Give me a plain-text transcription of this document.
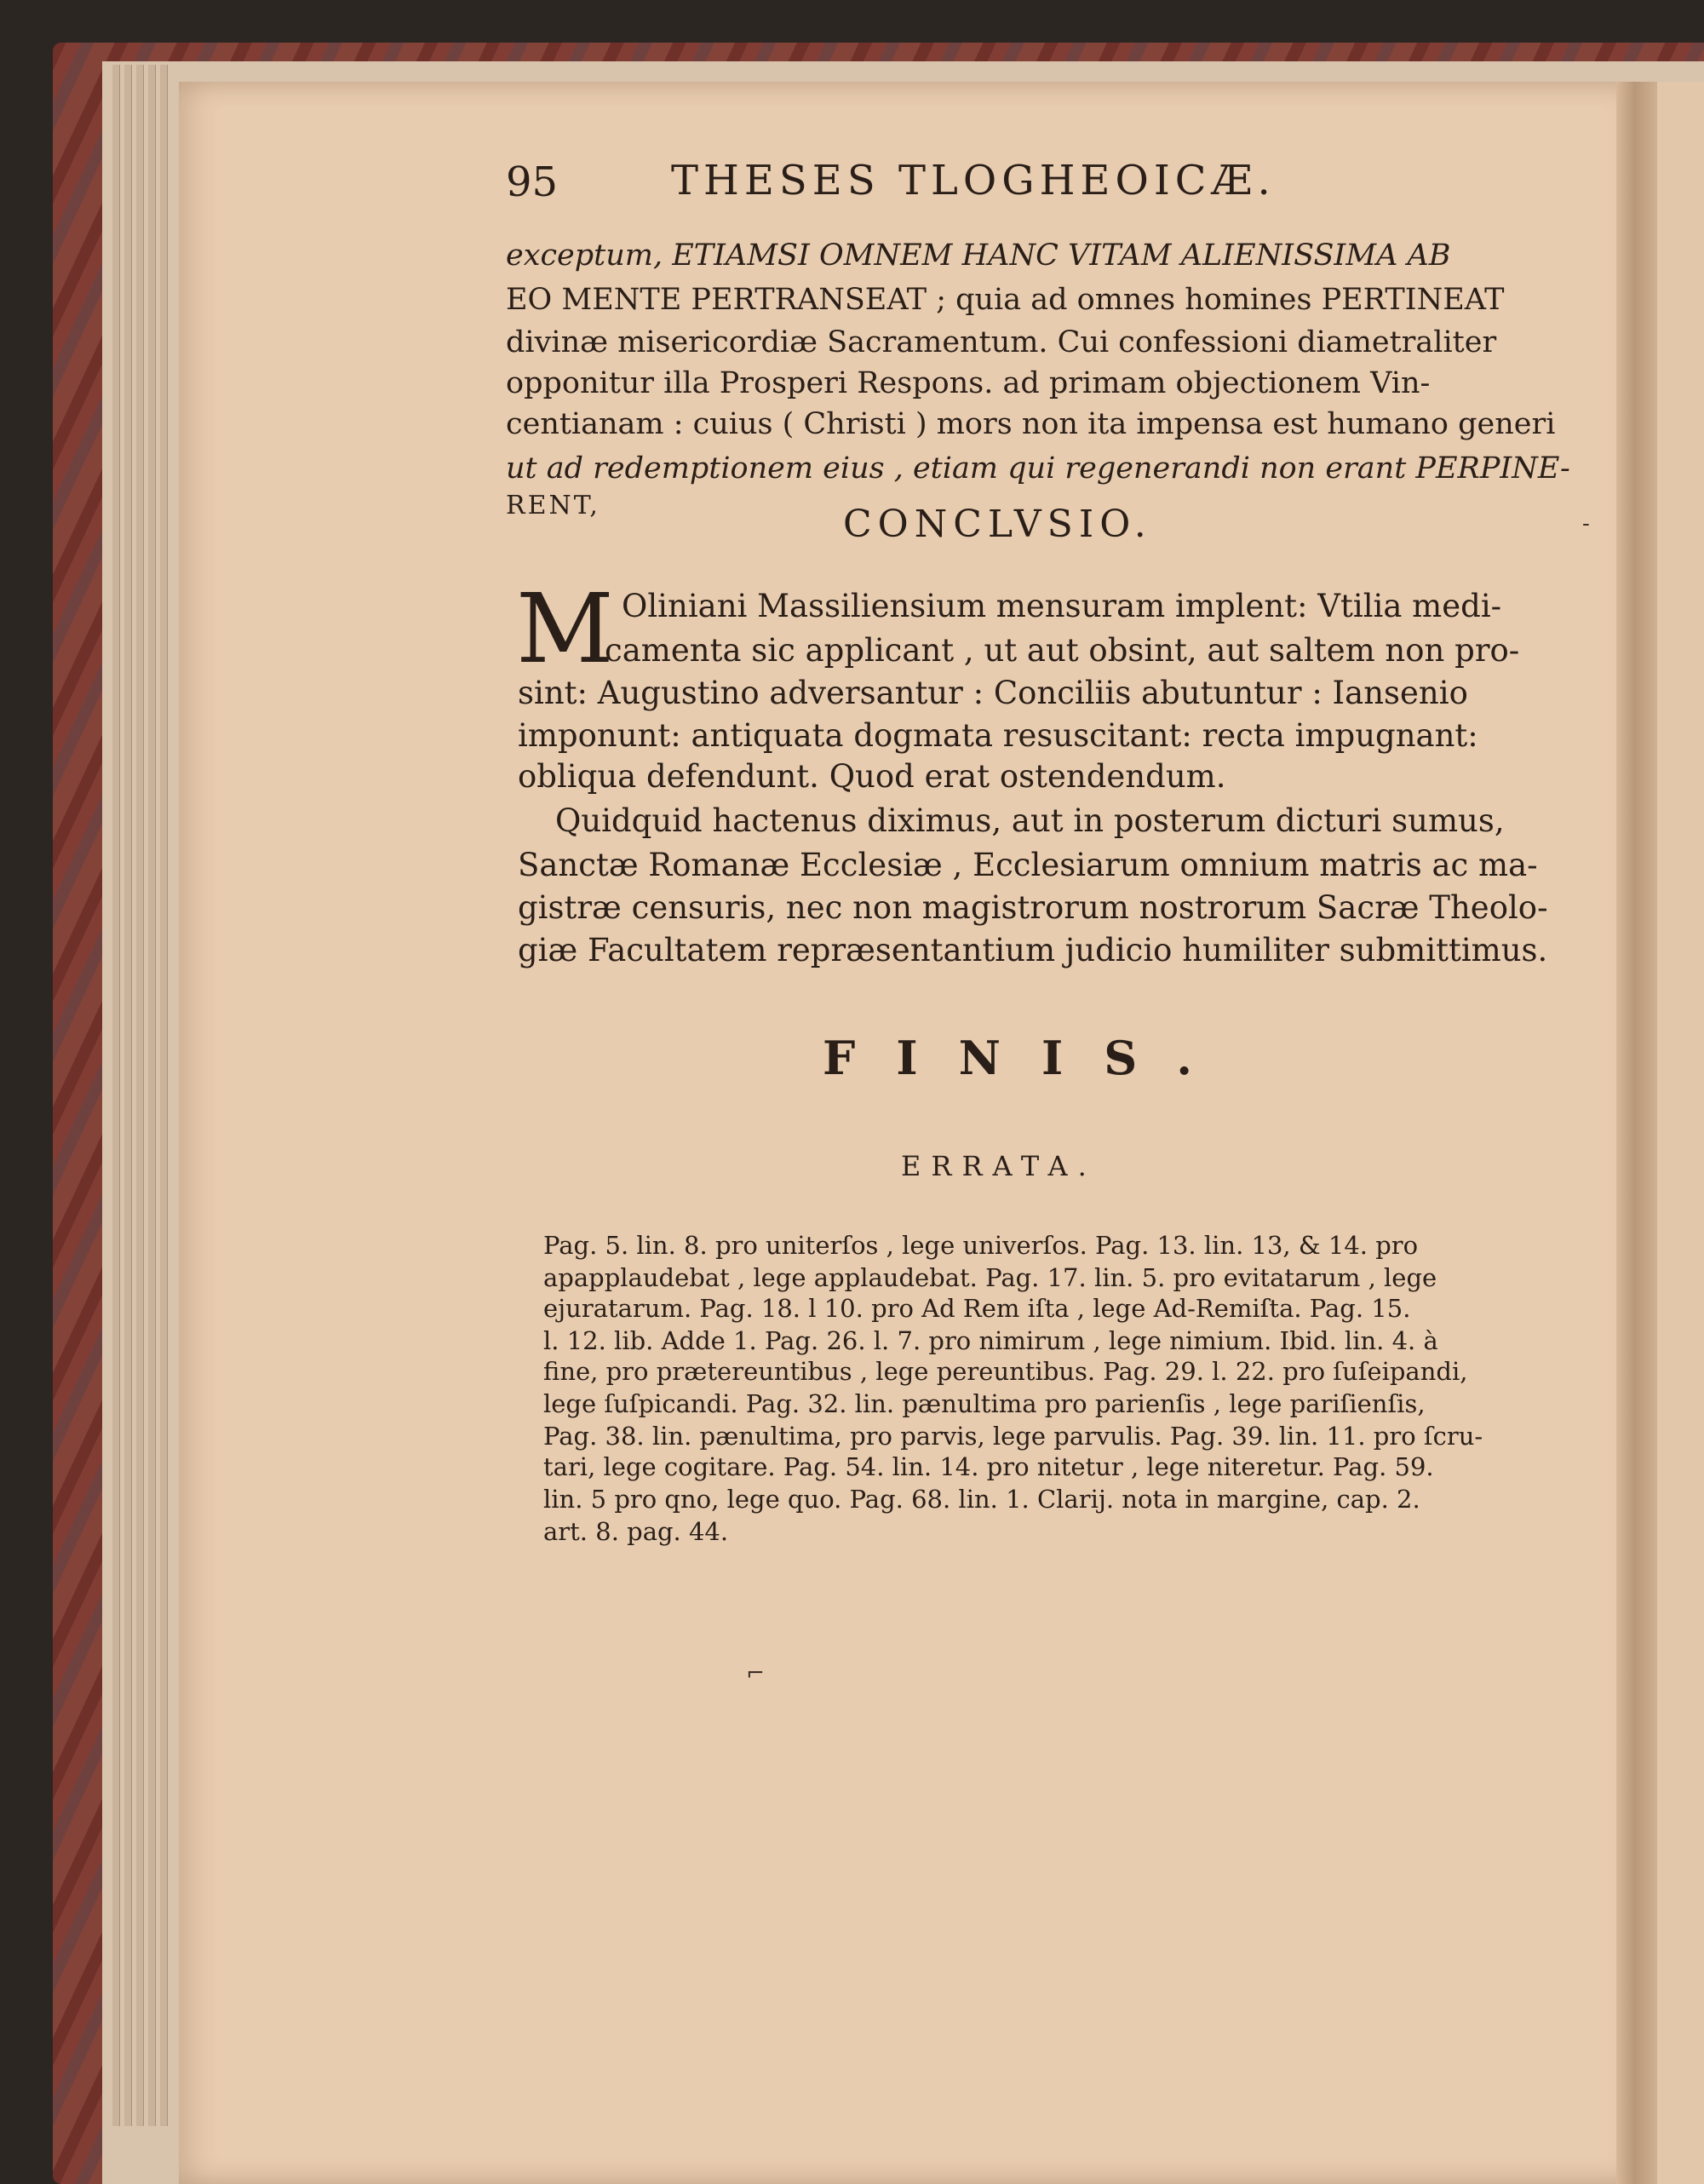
95	THESES TLOGHEOICÆ.

exceptum, ETIAMSI OMNEM HANC VITAM ALIENISSIMA AB

EO MENTE PERTRANSEAT ; quia ad omnes homines PERTINEAT

divinæ misericordiæ Sacramentum. Cui confessioni diametraliter

opponitur illa Prosperi Respons. ad primam objectionem Vin-

centianam : cuius ( Christi ) mors non ita impensa est humano generi

ut ad redemptionem eius , etiam qui regenerandi non erant PERPINE-

RENT,	CONCLVSIO.
M Oliniani Massiliensium mensuram implent: Vtilia medi-

camenta sic applicant , ut aut obsint, aut saltem non pro-

sint: Augustino adversantur : Conciliis abutuntur : Iansenio

imponunt: antiquata dogmata resuscitant: recta impugnant:

obliqua defendunt. Quod erat ostendendum.

Quidquid hactenus diximus, aut in posterum dicturi sumus,

Sanctæ Romanæ Ecclesiæ , Ecclesiarum omnium matris ac ma-

gistræ censuris, nec non magistrorum nostrorum Sacræ Theolo-

giæ Facultatem repræsentantium judicio humiliter submittimus.

FINIS.
ERRATA.

Pag. 5. lin. 8. pro uniterſos , lege univerſos. Pag. 13. lin. 13, & 14. pro

apapplaudebat , lege applaudebat. Pag. 17. lin. 5. pro evitatarum , lege

ejuratarum. Pag. 18. l 10. pro Ad Rem iſta , lege Ad-Remiſta. Pag. 15.

l. 12. lib. Adde 1. Pag. 26. l. 7. pro nimirum , lege nimium. Ibid. lin. 4. à

fine, pro prætereuntibus , lege pereuntibus. Pag. 29. l. 22. pro ſuſeipandi,

lege ſuſpicandi. Pag. 32. lin. pænultima pro parienſis , lege pariſienſis,

Pag. 38. lin. pænultima, pro parvis, lege parvulis. Pag. 39. lin. 11. pro ſcru-

tari, lege cogitare. Pag. 54. lin. 14. pro nitetur , lege niteretur. Pag. 59.

lin. 5 pro qno, lege quo. Pag. 68. lin. 1. Clarij. nota in margine, cap. 2.

art. 8. pag. 44.

⌐
-
